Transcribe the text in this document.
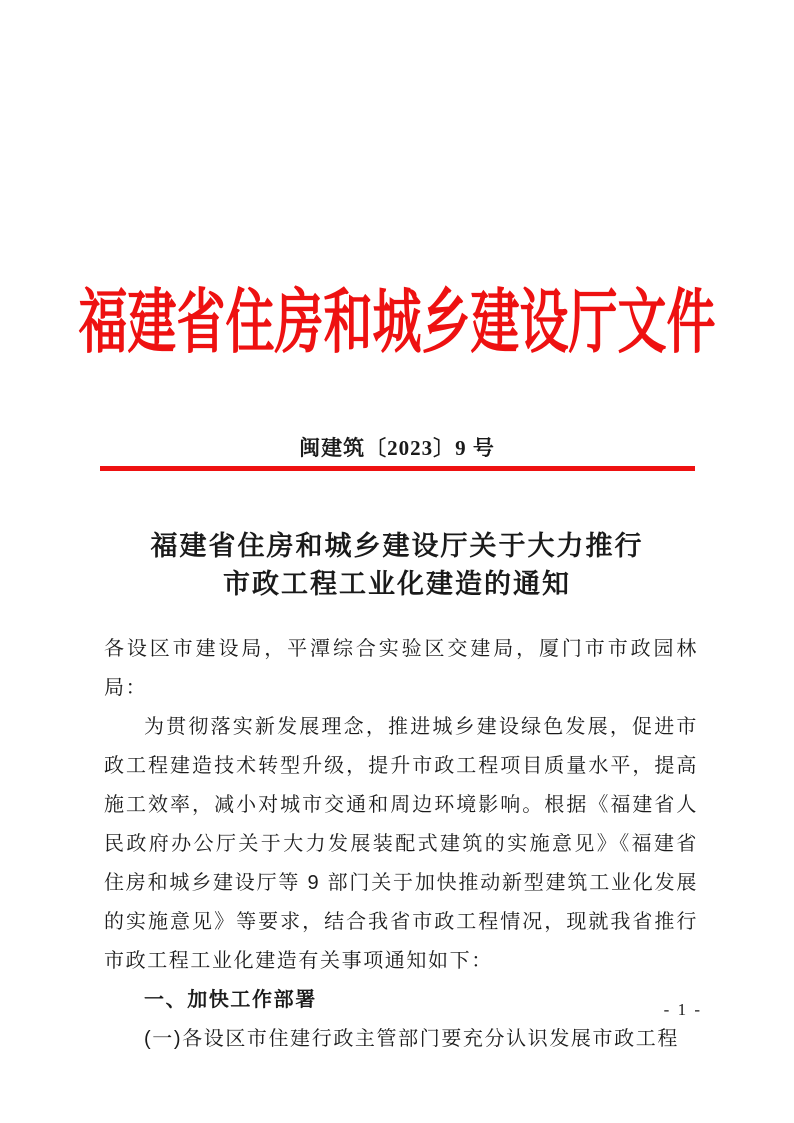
福建省住房和城乡建设厅文件
闽建筑〔2023〕9 号
福建省住房和城乡建设厅关于大力推行
市政工程工业化建造的通知

各设区市建设局，平潭综合实验区交建局，厦门市市政园林局：

为贯彻落实新发展理念，推进城乡建设绿色发展，促进市政工程建造技术转型升级，提升市政工程项目质量水平，提高施工效率，减小对城市交通和周边环境影响。根据《福建省人民政府办公厅关于大力发展装配式建筑的实施意见》《福建省住房和城乡建设厅等 9 部门关于加快推动新型建筑工业化发展的实施意见》等要求，结合我省市政工程情况，现就我省推行市政工程工业化建造有关事项通知如下：

一、加快工作部署

(一)各设区市住建行政主管部门要充分认识发展市政工程

- 1 -
